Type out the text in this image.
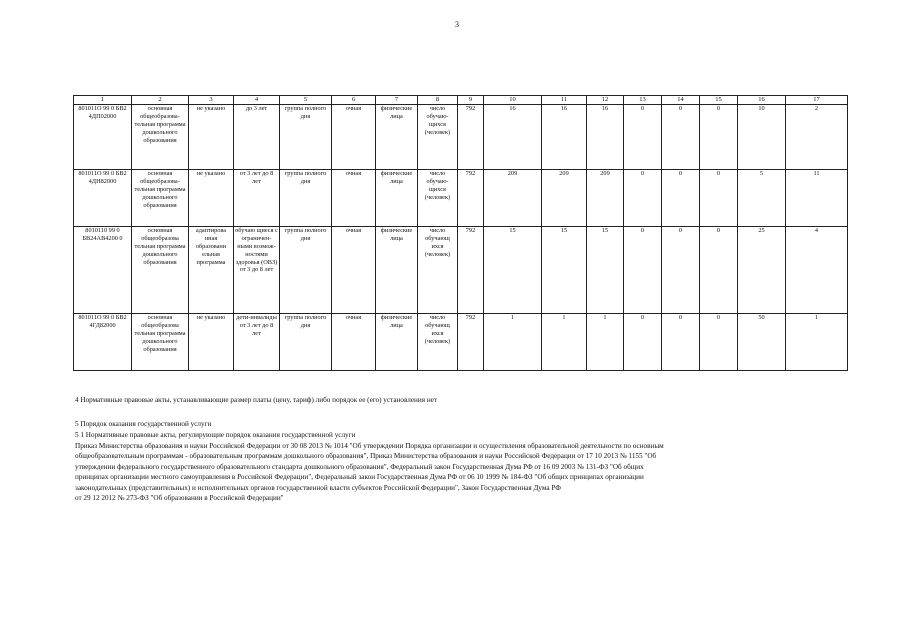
3
1	2	3	4	5	6	7	8	9	10	11	12	13	14	15	16	17
801011О 99 0 БВ2 4ДП02000	основная общеобразова-тельная программа дошкольного образования	не указано	до 3 лет	группа полного дня	очная	физические лица	число обучаю-щихся (человек)	792	16	16	16	0	0	0	10	2
801011О 99 0 БВ2 4ДН82000	основная общеобразова-тельная программа дошкольного образования	не указано	от 3 лет до 8 лет	группа полного дня	очная	физические лица	число обучаю-щихся (человек)	792	209	209	209	0	0	0	5	11
8010110 99 0 БВ24АВ4200 0	основная общеобразова тельная программа дошкольного образования	адаптирова нная образовани ельная программа	обучаю щиеся с ограничен-ными возмож-ностями здоровья (ОВЗ) от 3 до 8 лет	группа полного дня	очная	физические лица	число обучающ ихся (человек)	792	15	15	15	0	0	0	25	4
801011О 99 0 БВ2 4ГД82000	основная общеобразова тельная программа дошкольного образования	не указано	дети-инвалиды от 3 лет до 8 лет	группа полного дня	очная	физические лица	число обучающ ихся (человек)	792	1	1	1	0	0	0	50	1
4 Нормативные правовые акты, устанавливающие размер платы (цену, тариф) либо порядок ее (его) установления нет
5 Порядок оказания государственной услуги
5 1 Нормативные правовые акты, регулирующие порядок оказания государственной услуги
Приказ Министерства образования и науки Российской Федерации от 30 08 2013 № 1014 "Об утверждении Порядка организации и осуществления образовательной деятельности по основным
общеобразовательным программам - образовательным программам дошкольного образования", Приказ Министерства образования и науки Российской Федерации от 17 10 2013 № 1155 "Об
утверждении федерального государственного образовательного стандарта дошкольного образования", Федеральный закон Государственная Дума РФ от 16 09 2003 № 131-ФЗ "Об общих
принципах организации местного самоуправления в Российской Федерации", Федеральный закон Государственная Дума РФ от 06 10 1999 № 184-ФЗ "Об общих принципах организации
законодательных (представительных) и исполнительных органов государственной власти субъектов Российской Федерации", Закон Государственная Дума РФ
от 29 12 2012 № 273-ФЗ "Об образовании в Российской Федерации"
